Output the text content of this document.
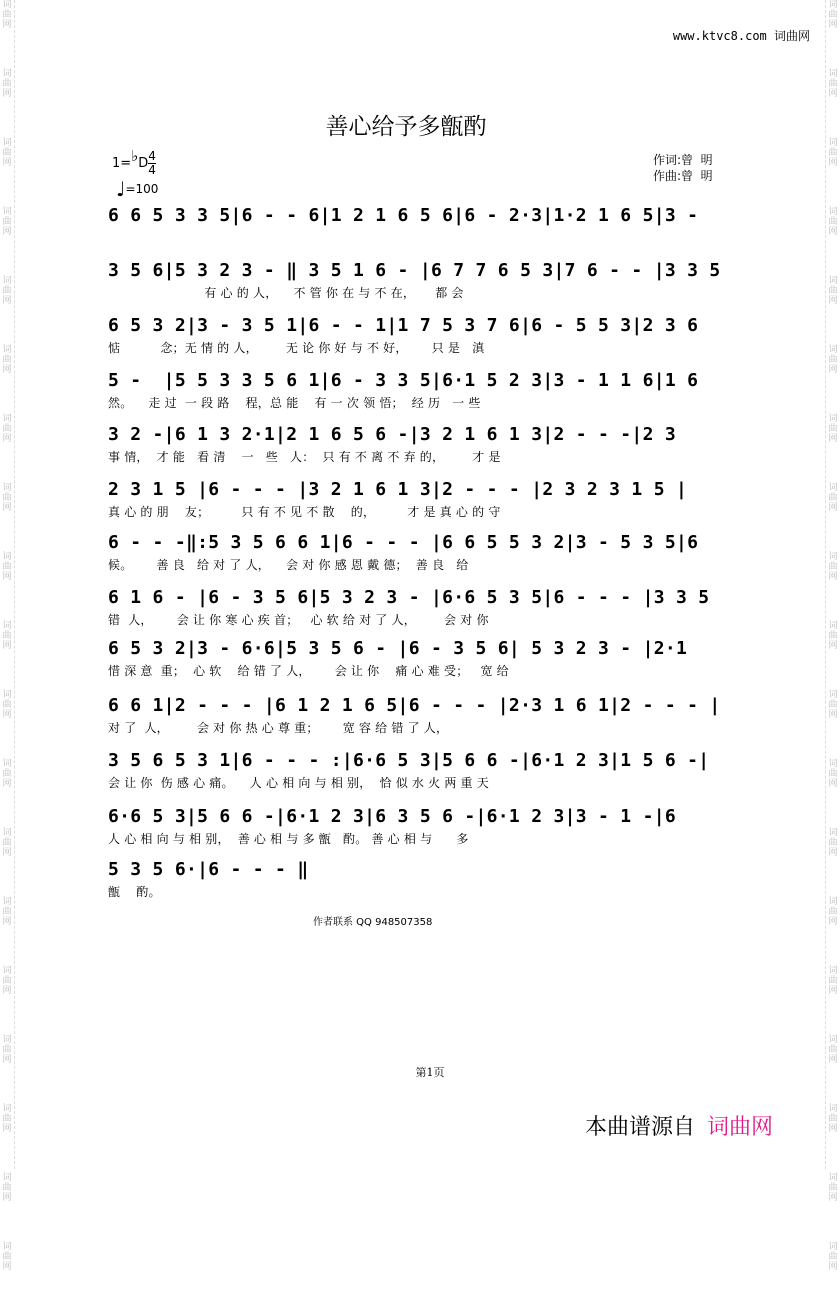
词
曲
网
词
曲
网
词
曲
网
词
曲
网
词
曲
网
词
曲
网
词
曲
网
词
曲
网
词
曲
网
词
曲
网
词
曲
网
词
曲
网
词
曲
网
词
曲
网
词
曲
网
词
曲
网
词
曲
网
词
曲
网
词
曲
网
词
曲
网
词
曲
网
词
曲
网
词
曲
网
词
曲
网
词
曲
网
词
曲
网
词
曲
网
词
曲
网
词
曲
网
词
曲
网
词
曲
网
词
曲
网
词
曲
网
词
曲
网
词
曲
网
词
曲
网
词
曲
网
词
曲
网
www.ktvc8.com 词曲网
善心给予多甑酌
1=♭D $\frac{4}{4}$
♩=100
作词:曾  明
作曲:曾  明
6 6 5 3 3 5|6 - - 6|1 2 1 6 5 6|6 - 2·3|1·2 1 6 5|3 -
3 5 6|5 3 2 3 - ‖ 3 5 1 6 - |6 7 7 6 5 3|7 6 - - |3 3 5
有 心 的 人，    不 管 你 在 与 不 在，     都 会
6 5 3 2|3 - 3 5 1|6 - - 1|1 7 5 3 7 6|6 - 5 5 3|2 3 6
惦          念；无 情 的 人，       无 论 你 好 与 不 好，      只 是   滇
5 -  |5 5 3 3 5 6 1|6 - 3 3 5|6·1 5 2 3|3 - 1 1 6|1 6
然。    走 过  一 段 路    程，总 能    有 一 次 领 悟；  经 历   一 些
3 2 -|6 1 3 2·1|2 1 6 5 6 -|3 2 1 6 1 3|2 - - -|2 3
事 情，  才 能   看 清    一   些   人：  只 有 不 离 不 弃 的，       才 是
2 3 1 5 |6 - - - |3 2 1 6 1 3|2 - - - |2 3 2 3 1 5 |
真 心 的 朋    友；        只 有 不 见 不 散    的，        才 是 真 心 的 守
6 - - -‖:5 3 5 6 6 1|6 - - - |6 6 5 5 3 2|3 - 5 3 5|6
候。      善 良   给 对 了 人，    会 对 你 感 恩 戴 德；  善 良   给
6 1 6 - |6 - 3 5 6|5 3 2 3 - |6·6 5 3 5|6 - - - |3 3 5
错  人，      会 让 你 寒 心 疾 首；   心 软 给 对 了 人，       会 对 你
6 5 3 2|3 - 6·6|5 3 5 6 - |6 - 3 5 6| 5 3 2 3 - |2·1
惜 深 意  重；  心 软    给 错 了 人，      会 让 你    痛 心 难 受；   宽 给
6 6 1|2 - - - |6 1 2 1 6 5|6 - - - |2·3 1 6 1|2 - - - |
对 了  人，       会 对 你 热 心 尊 重；      宽 容 给 错 了 人，
3 5 6 5 3 1|6 - - - :|6·6 5 3|5 6 6 -|6·1 2 3|1 5 6 -|
会 让 你  伤 感 心 痛。    人 心 相 向 与 相 别，  恰 似 水 火 两 重 天
6·6 5 3|5 6 6 -|6·1 2 3|6 3 5 6 -|6·1 2 3|3 - 1 -|6
人 心 相 向 与 相 别，  善 心 相 与 多 甑   酌。 善 心 相 与      多
5 3 5 6·|6 - - - ‖
甑    酌。
作者联系 QQ 948507358
第1页
本曲谱源自 词曲网
